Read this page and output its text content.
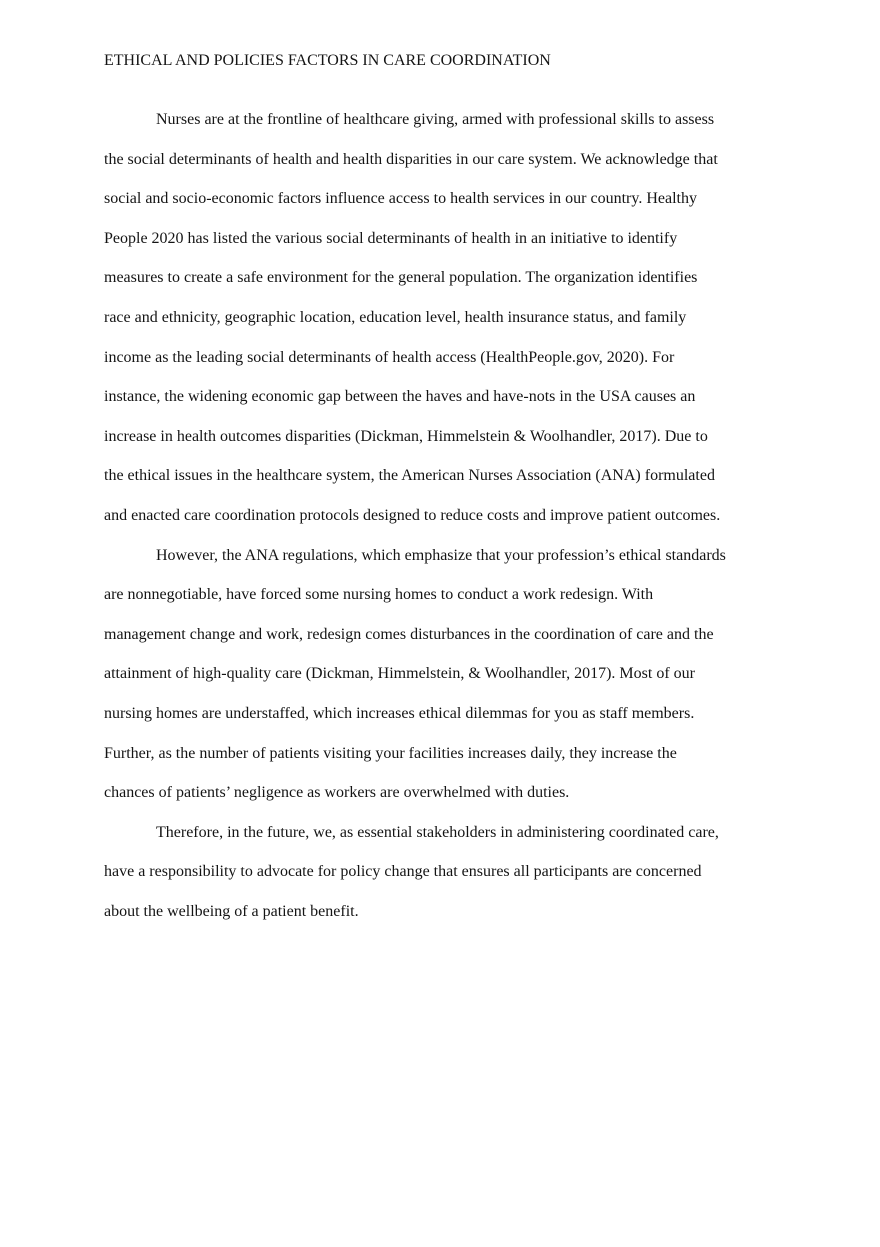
ETHICAL AND POLICIES FACTORS IN CARE COORDINATION
Nurses are at the frontline of healthcare giving, armed with professional skills to assess
the social determinants of health and health disparities in our care system. We acknowledge that
social and socio-economic factors influence access to health services in our country. Healthy
People 2020 has listed the various social determinants of health in an initiative to identify
measures to create a safe environment for the general population. The organization identifies
race and ethnicity, geographic location, education level, health insurance status, and family
income as the leading social determinants of health access (HealthPeople.gov, 2020). For
instance, the widening economic gap between the haves and have-nots in the USA causes an
increase in health outcomes disparities (Dickman, Himmelstein & Woolhandler, 2017). Due to
the ethical issues in the healthcare system, the American Nurses Association (ANA) formulated
and enacted care coordination protocols designed to reduce costs and improve patient outcomes.
However, the ANA regulations, which emphasize that your profession’s ethical standards
are nonnegotiable, have forced some nursing homes to conduct a work redesign. With
management change and work, redesign comes disturbances in the coordination of care and the
attainment of high-quality care (Dickman, Himmelstein, & Woolhandler, 2017). Most of our
nursing homes are understaffed, which increases ethical dilemmas for you as staff members.
Further, as the number of patients visiting your facilities increases daily, they increase the
chances of patients’ negligence as workers are overwhelmed with duties.
Therefore, in the future, we, as essential stakeholders in administering coordinated care,
have a responsibility to advocate for policy change that ensures all participants are concerned
about the wellbeing of a patient benefit.
